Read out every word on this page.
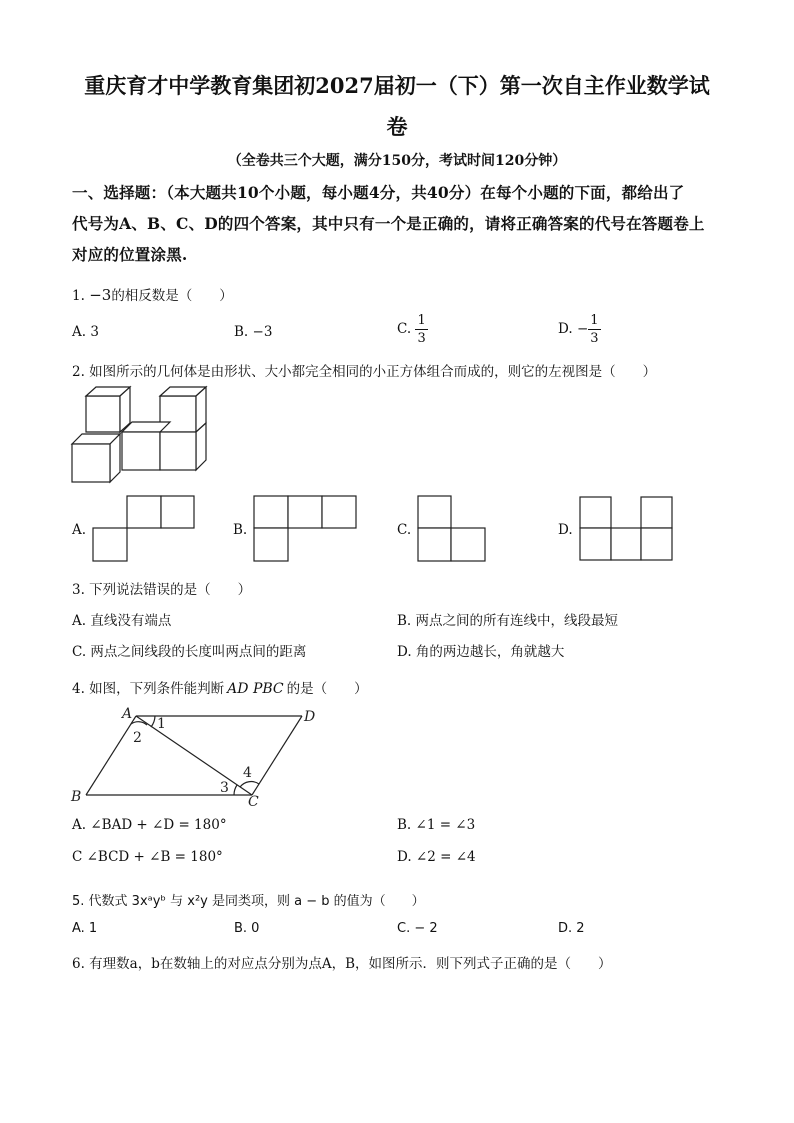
重庆育才中学教育集团初2027届初一（下）第一次自主作业数学试
卷
（全卷共三个大题，满分150分，考试时间120分钟）
一、选择题：（本大题共10个小题，每小题4分，共40分）在每个小题的下面，都给出了
代号为A、B、C、D的四个答案，其中只有一个是正确的，请将正确答案的代号在答题卷上
对应的位置涂黑.
1. −3的相反数是（　　）
A. 3	B. −3	C. $\frac{1}{3}$	D. − $\frac{1}{3}$
2. 如图所示的几何体是由形状、大小都完全相同的小正方体组合而成的，则它的左视图是（　　）
A.	B.	C.	D.
3. 下列说法错误的是（　　）
A. 直线没有端点	B. 两点之间的所有连线中，线段最短
C. 两点之间线段的长度叫两点间的距离	D. 角的两边越长，角就越大
4. 如图，下列条件能判断 AD PBC 的是（　　）
A	D
B	C
1
2
3
4
A. ∠BAD + ∠D = 180°	B. ∠1 = ∠3
C ∠BCD + ∠B = 180°	D. ∠2 = ∠4
5. 代数式 3xᵃyᵇ 与 x²y 是同类项，则 a − b 的值为（　　）
A. 1	B. 0	C. − 2	D. 2
6. 有理数a，b在数轴上的对应点分别为点A，B，如图所示．则下列式子正确的是（　　）
